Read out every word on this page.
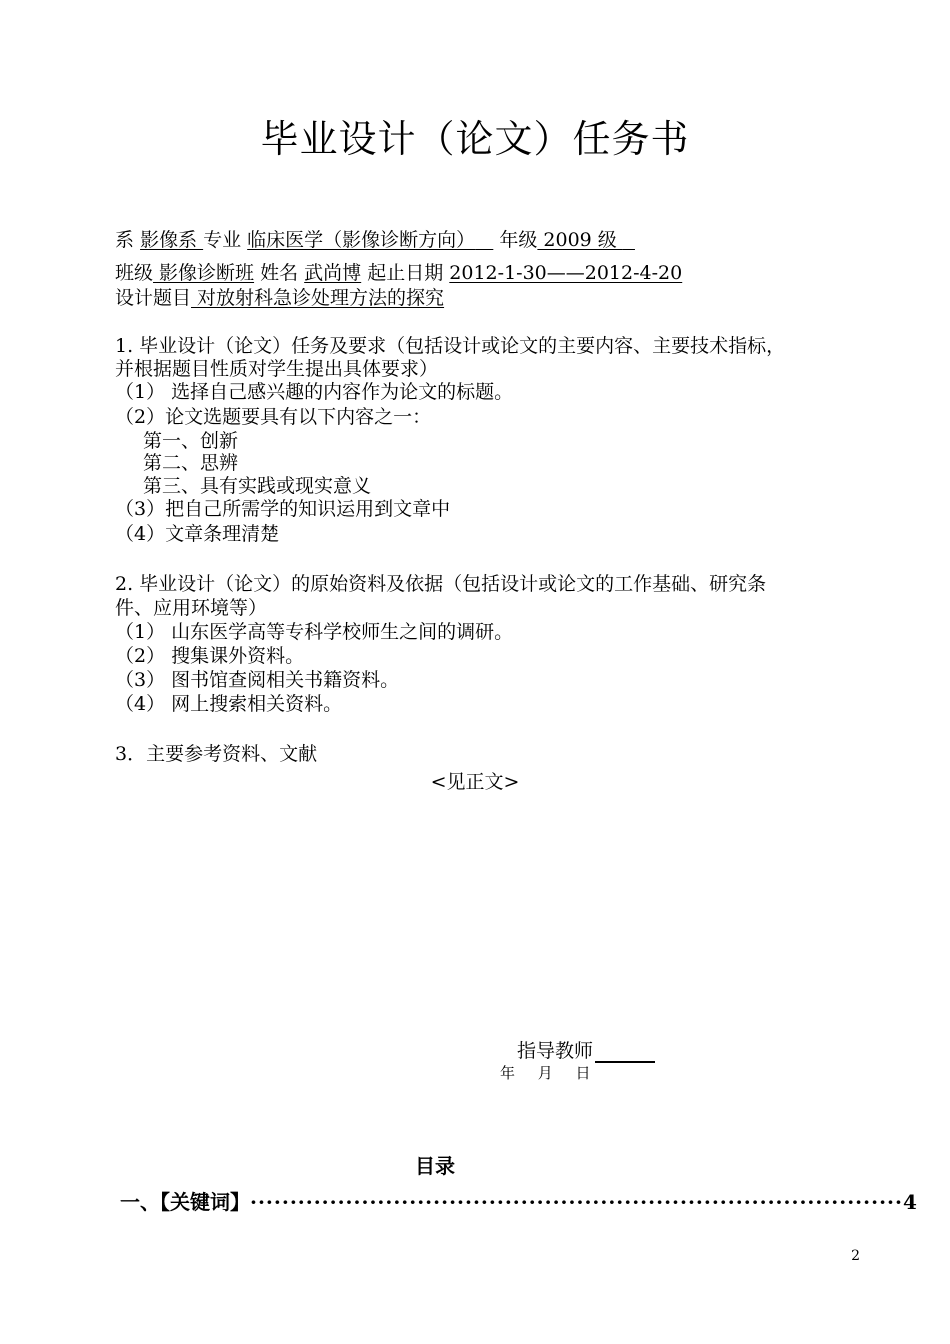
毕业设计（论文）任务书
系 影像系 专业 临床医学（影像诊断方向） 年级 2009 级
班级 影像诊断班 姓名 武尚博 起止日期 2012-1-30——2012-4-20
设计题目 对放射科急诊处理方法的探究
1. 毕业设计（论文）任务及要求（包括设计或论文的主要内容、主要技术指标，
并根据题目性质对学生提出具体要求）
（1） 选择自己感兴趣的内容作为论文的标题。
（2）论文选题要具有以下内容之一：
第一、创新
第二、思辨
第三、具有实践或现实意义
（3）把自己所需学的知识运用到文章中
（4）文章条理清楚
2. 毕业设计（论文）的原始资料及依据（包括设计或论文的工作基础、研究条
件、应用环境等）
（1） 山东医学高等专科学校师生之间的调研。
（2） 搜集课外资料。
（3） 图书馆查阅相关书籍资料。
（4） 网上搜索相关资料。
3．主要参考资料、文献
<见正文>
指导教师
年 月 日
目录
一、【关键词】 ·················································································· 4
2
